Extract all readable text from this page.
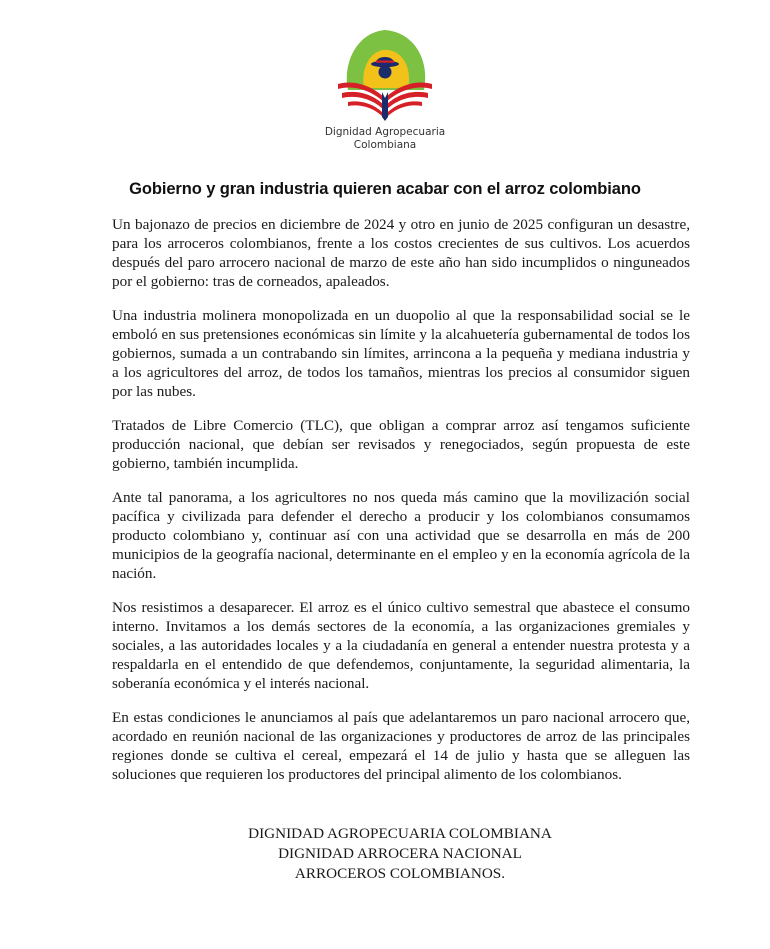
Dignidad Agropecuaria
Colombiana
Gobierno y gran industria quieren acabar con el arroz colombiano

Un bajonazo de precios en diciembre de 2024 y otro en junio de 2025 configuran un desastre, para los arroceros colombianos, frente a los costos crecientes de sus cultivos. Los acuerdos después del paro arrocero nacional de marzo de este año han sido incumplidos o ninguneados por el gobierno: tras de corneados, apaleados.

Una industria molinera monopolizada en un duopolio al que la responsabilidad social se le emboló en sus pretensiones económicas sin límite y la alcahuetería gubernamental de todos los gobiernos, sumada a un contrabando sin límites, arrincona a la pequeña y mediana industria y a los agricultores del arroz, de todos los tamaños, mientras los precios al consumidor siguen por las nubes.

Tratados de Libre Comercio (TLC), que obligan a comprar arroz así tengamos suficiente producción nacional, que debían ser revisados y renegociados, según propuesta de este gobierno, también incumplida.

Ante tal panorama, a los agricultores no nos queda más camino que la movilización social pacífica y civilizada para defender el derecho a producir y los colombianos consumamos producto colombiano y, continuar así con una actividad que se desarrolla en más de 200 municipios de la geografía nacional, determinante en el empleo y en la economía agrícola de la nación.

Nos resistimos a desaparecer. El arroz es el único cultivo semestral que abastece el consumo interno. Invitamos a los demás sectores de la economía, a las organizaciones gremiales y sociales, a las autoridades locales y a la ciudadanía en general a entender nuestra protesta y a respaldarla en el entendido de que defendemos, conjuntamente, la seguridad alimentaria, la soberanía económica y el interés nacional.

En estas condiciones le anunciamos al país que adelantaremos un paro nacional arrocero que, acordado en reunión nacional de las organizaciones y productores de arroz de las principales regiones donde se cultiva el cereal, empezará el 14 de julio y hasta que se alleguen las soluciones que requieren los productores del principal alimento de los colombianos.

DIGNIDAD AGROPECUARIA COLOMBIANA
DIGNIDAD ARROCERA NACIONAL
ARROCEROS COLOMBIANOS.
